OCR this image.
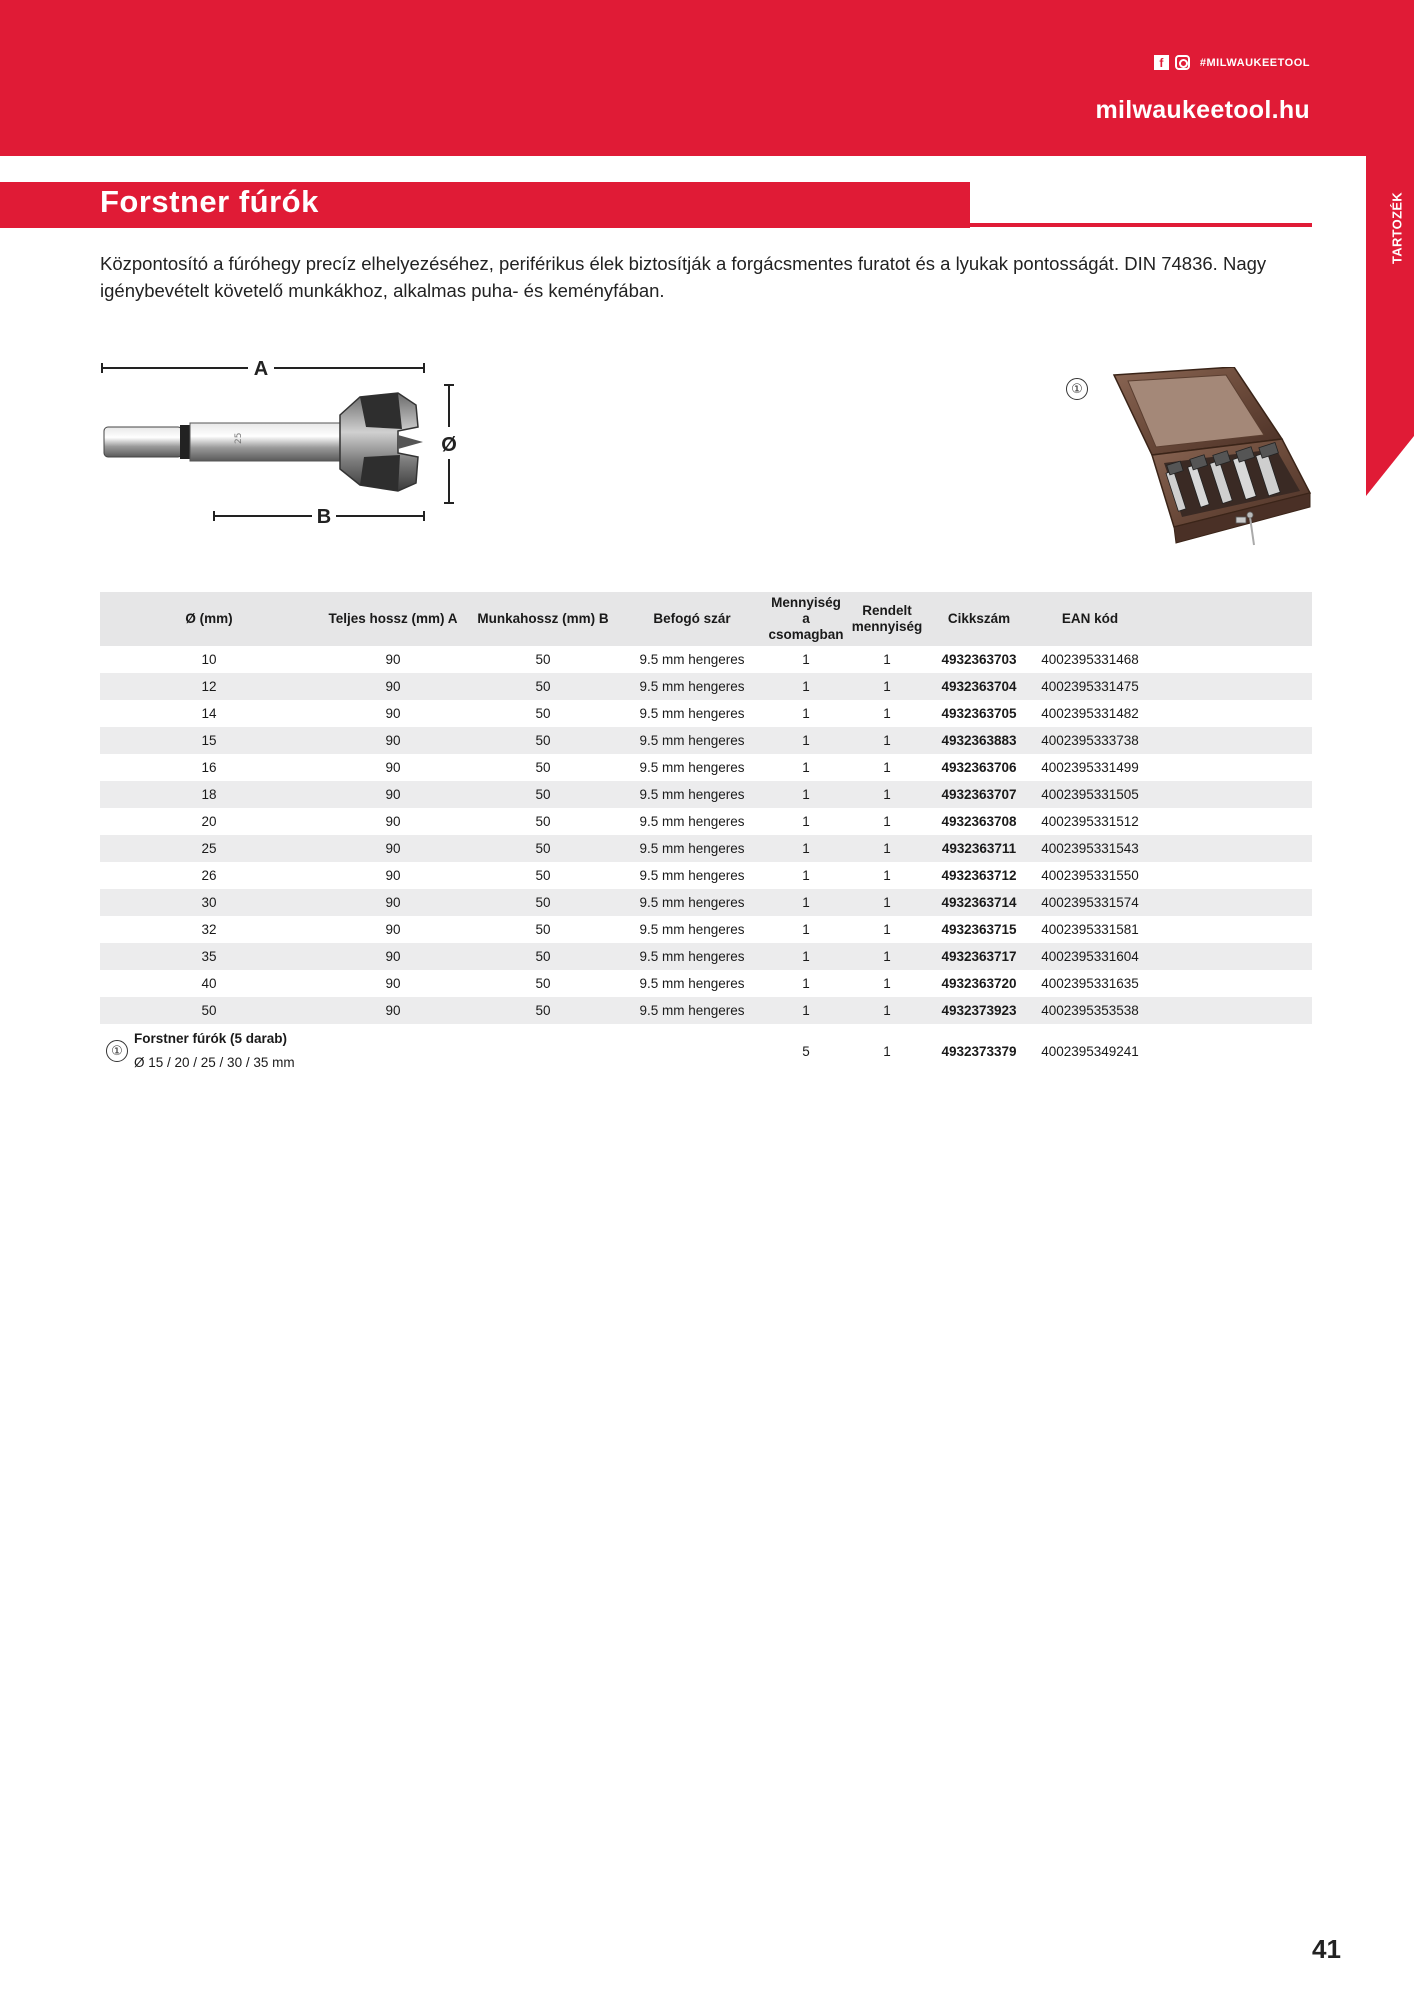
f	#MILWAUKEETOOL
milwaukeetool.hu
TARTOZÉK
Forstner fúrók
Központosító a fúróhegy precíz elhelyezéséhez, periférikus élek biztosítják a forgácsmentes furatot és a lyukak pontosságát. DIN 74836. Nagy igénybevételt követelő munkákhoz, alkalmas puha- és keményfában.
A
25	Ø
B
①
Ø (mm)	Teljes hossz (mm) A	Munkahossz (mm) B	Befogó szár	Mennyiség a csomagban	Rendelt mennyiség	Cikkszám	EAN kód	
10	90	50	9.5 mm hengeres	1	1	4932363703	4002395331468	
12	90	50	9.5 mm hengeres	1	1	4932363704	4002395331475	
14	90	50	9.5 mm hengeres	1	1	4932363705	4002395331482	
15	90	50	9.5 mm hengeres	1	1	4932363883	4002395333738	
16	90	50	9.5 mm hengeres	1	1	4932363706	4002395331499	
18	90	50	9.5 mm hengeres	1	1	4932363707	4002395331505	
20	90	50	9.5 mm hengeres	1	1	4932363708	4002395331512	
25	90	50	9.5 mm hengeres	1	1	4932363711	4002395331543	
26	90	50	9.5 mm hengeres	1	1	4932363712	4002395331550	
30	90	50	9.5 mm hengeres	1	1	4932363714	4002395331574	
32	90	50	9.5 mm hengeres	1	1	4932363715	4002395331581	
35	90	50	9.5 mm hengeres	1	1	4932363717	4002395331604	
40	90	50	9.5 mm hengeres	1	1	4932363720	4002395331635	
50	90	50	9.5 mm hengeres	1	1	4932373923	4002395353538	

①
Forstner fúrók (5 darab)
Ø 15 / 20 / 25 / 30 / 35 mm				5	1	4932373379	4002395349241	
41
